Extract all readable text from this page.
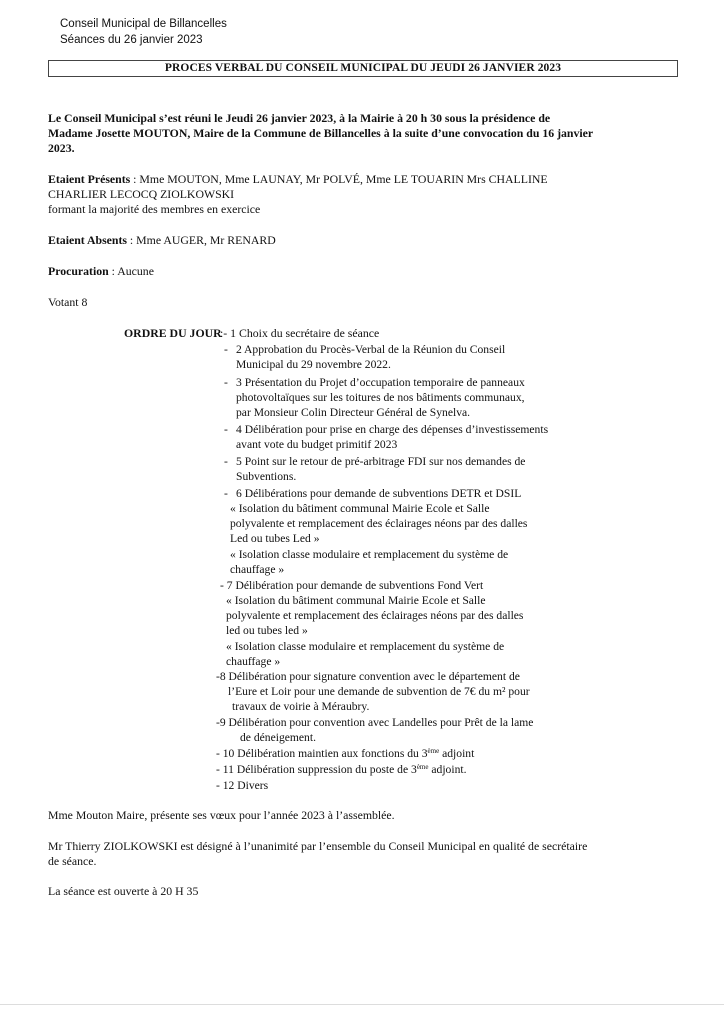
Conseil Municipal de Billancelles
Séances du 26 janvier 2023
PROCES VERBAL DU CONSEIL MUNICIPAL DU JEUDI 26 JANVIER 2023
Le Conseil Municipal s’est réuni le Jeudi 26 janvier 2023, à la Mairie à 20 h 30 sous la présidence de
Madame Josette MOUTON, Maire de la Commune de Billancelles à la suite d’une convocation du 16 janvier
2023.
Etaient Présents : Mme MOUTON, Mme LAUNAY, Mr POLVÉ, Mme LE TOUARIN Mrs CHALLINE
CHARLIER LECOCQ ZIOLKOWSKI
formant la majorité des membres en exercice
Etaient Absents : Mme AUGER, Mr RENARD
Procuration : Aucune
Votant 8
ORDRE DU JOUR
:- 1 Choix du secrétaire de séance
- 2 Approbation du Procès-Verbal de la Réunion du Conseil
Municipal du 29 novembre 2022.
- 3 Présentation du Projet d’occupation temporaire de panneaux
photovoltaïques sur les toitures de nos bâtiments communaux,
par Monsieur Colin Directeur Général de Synelva.
- 4 Délibération pour prise en charge des dépenses d’investissements
avant vote du budget primitif 2023
- 5 Point sur le retour de pré-arbitrage FDI sur nos demandes de
Subventions.
- 6 Délibérations pour demande de subventions DETR et DSIL
« Isolation du bâtiment communal Mairie Ecole et Salle
polyvalente et remplacement des éclairages néons par des dalles
Led ou tubes Led »
« Isolation classe modulaire et remplacement du système de
chauffage »
- 7 Délibération pour demande de subventions Fond Vert
« Isolation du bâtiment communal Mairie Ecole et Salle
polyvalente et remplacement des éclairages néons par des dalles
led ou tubes led »
« Isolation classe modulaire et remplacement du système de
chauffage »
-8 Délibération pour signature convention avec le département de
l’Eure et Loir pour une demande de subvention de 7€ du m² pour
travaux de voirie à Méraubry.
-9 Délibération pour convention avec Landelles pour Prêt de la lame
de déneigement.
- 10 Délibération maintien aux fonctions du 3ème adjoint
- 11 Délibération suppression du poste de 3ème adjoint.
- 12 Divers
Mme Mouton Maire, présente ses vœux pour l’année 2023 à l’assemblée.
Mr Thierry ZIOLKOWSKI est désigné à l’unanimité par l’ensemble du Conseil Municipal en qualité de secrétaire
de séance.
La séance est ouverte à 20 H 35
